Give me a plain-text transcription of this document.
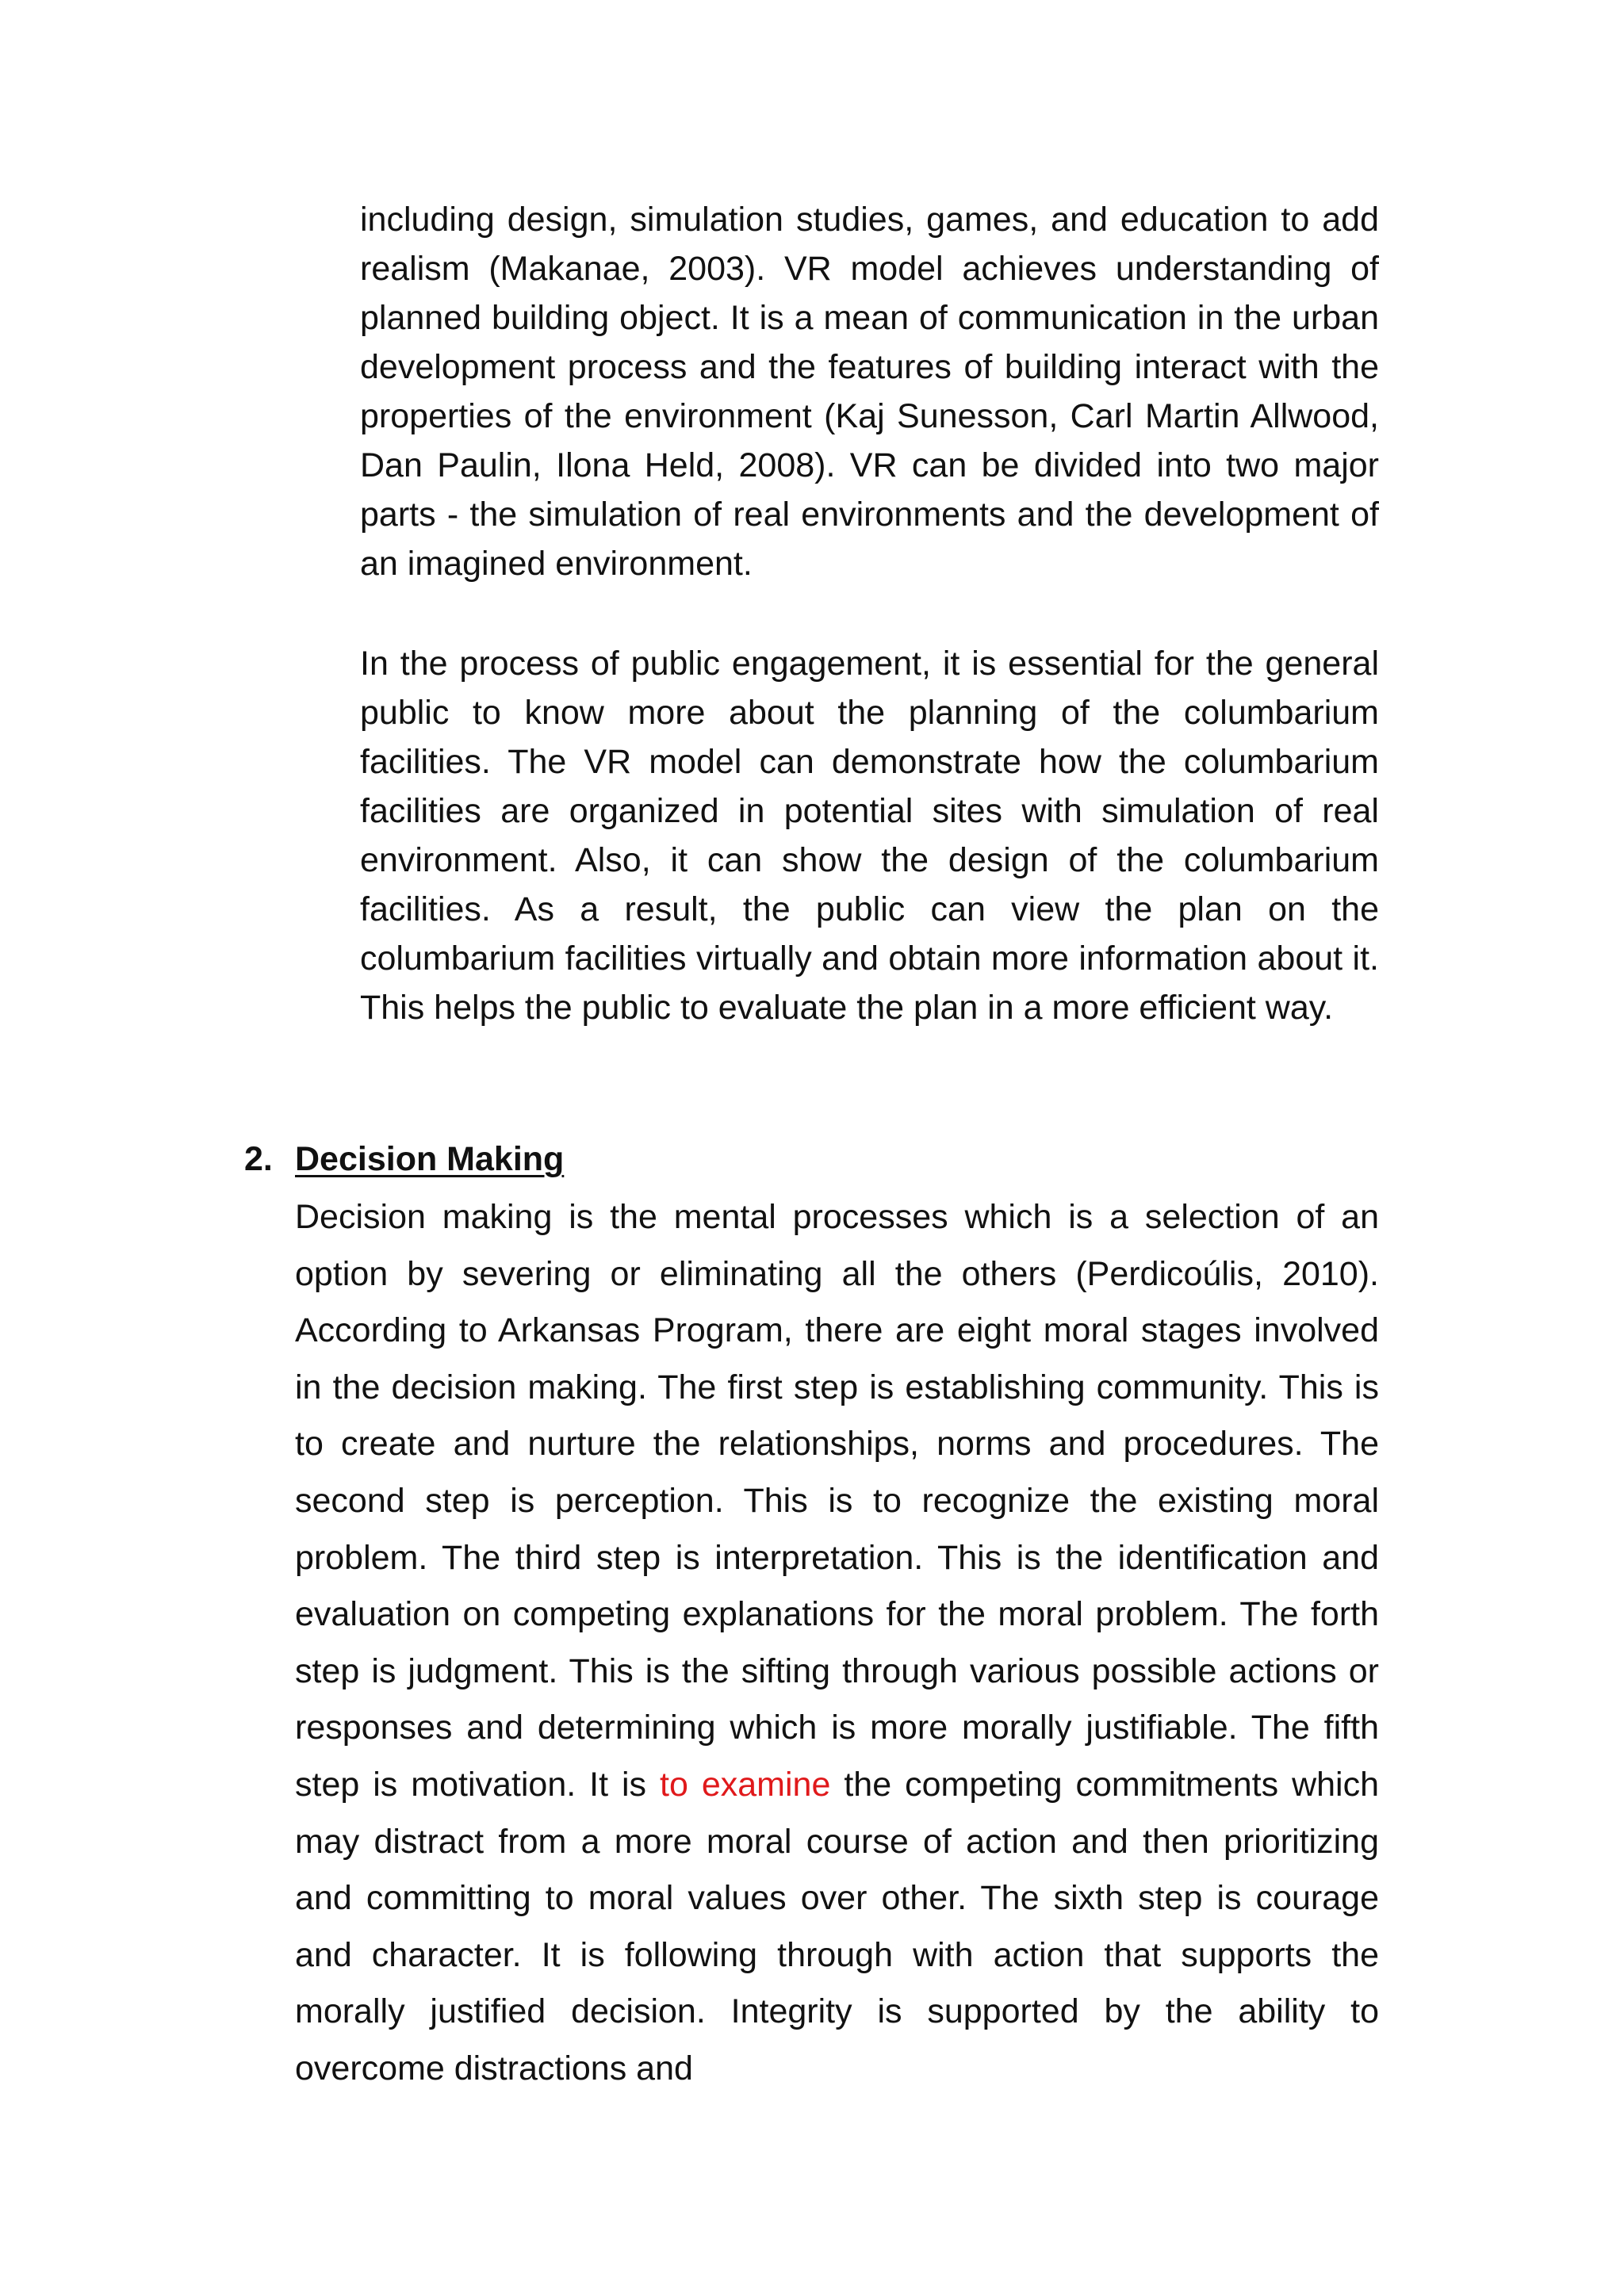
including design, simulation studies, games, and education to add realism (Makanae, 2003). VR model achieves understanding of planned building object. It is a mean of communication in the urban development process and the features of building interact with the properties of the environment (Kaj Sunesson, Carl Martin Allwood, Dan Paulin, Ilona Held, 2008). VR can be divided into two major parts - the simulation of real environments and the development of an imagined environment.

In the process of public engagement, it is essential for the general public to know more about the planning of the columbarium facilities. The VR model can demonstrate how the columbarium facilities are organized in potential sites with simulation of real environment. Also, it can show the design of the columbarium facilities. As a result, the public can view the plan on the columbarium facilities virtually and obtain more information about it. This helps the public to evaluate the plan in a more efficient way.

2. Decision Making

Decision making is the mental processes which is a selection of an option by severing or eliminating all the others (Perdicoúlis, 2010). According to Arkansas Program, there are eight moral stages involved in the decision making. The first step is establishing community. This is to create and nurture the relationships, norms and procedures. The second step is perception. This is to recognize the existing moral problem. The third step is interpretation. This is the identification and evaluation on competing explanations for the moral problem. The forth step is judgment. This is the sifting through various possible actions or responses and determining which is more morally justifiable. The fifth step is motivation. It is to examine the competing commitments which may distract from a more moral course of action and then prioritizing and committing to moral values over other. The sixth step is courage and character. It is following through with action that supports the morally justified decision. Integrity is supported by the ability to overcome distractions and
